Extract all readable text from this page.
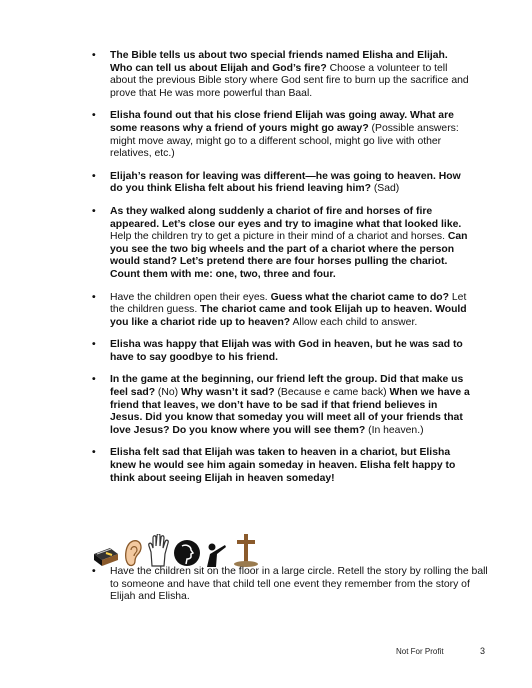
• The Bible tells us about two special friends named Elisha and Elijah. Who can tell us about Elijah and God’s fire? Choose a volunteer to tell about the previous Bible story where God sent fire to burn up the sacrifice and prove that He was more powerful than Baal.
• Elisha found out that his close friend Elijah was going away. What are some reasons why a friend of yours might go away? (Possible answers: might move away, might go to a different school, might go live with other relatives, etc.)
• Elijah’s reason for leaving was different—he was going to heaven. How do you think Elisha felt about his friend leaving him? (Sad)
• As they walked along suddenly a chariot of fire and horses of fire appeared. Let’s close our eyes and try to imagine what that looked like. Help the children try to get a picture in their mind of a chariot and horses. Can you see the two big wheels and the part of a chariot where the person would stand? Let’s pretend there are four horses pulling the chariot. Count them with me: one, two, three and four.
• Have the children open their eyes. Guess what the chariot came to do? Let the children guess. The chariot came and took Elijah up to heaven. Would you like a chariot ride up to heaven? Allow each child to answer.
• Elisha was happy that Elijah was with God in heaven, but he was sad to have to say goodbye to his friend.
• In the game at the beginning, our friend left the group. Did that make us feel sad? (No) Why wasn’t it sad? (Because e came back) When we have a friend that leaves, we don’t have to be sad if that friend believes in Jesus. Did you know that someday you will meet all of your friends that love Jesus? Do you know where you will see them? (In heaven.)
• Elisha felt sad that Elijah was taken to heaven in a chariot, but Elisha knew he would see him again someday in heaven. Elisha felt happy to think about seeing Elijah in heaven someday!
• Have the children sit on the floor in a large circle. Retell the story by rolling the ball to someone and have that child tell one event they remember from the story of Elijah and Elisha.
Not For Profit	3
